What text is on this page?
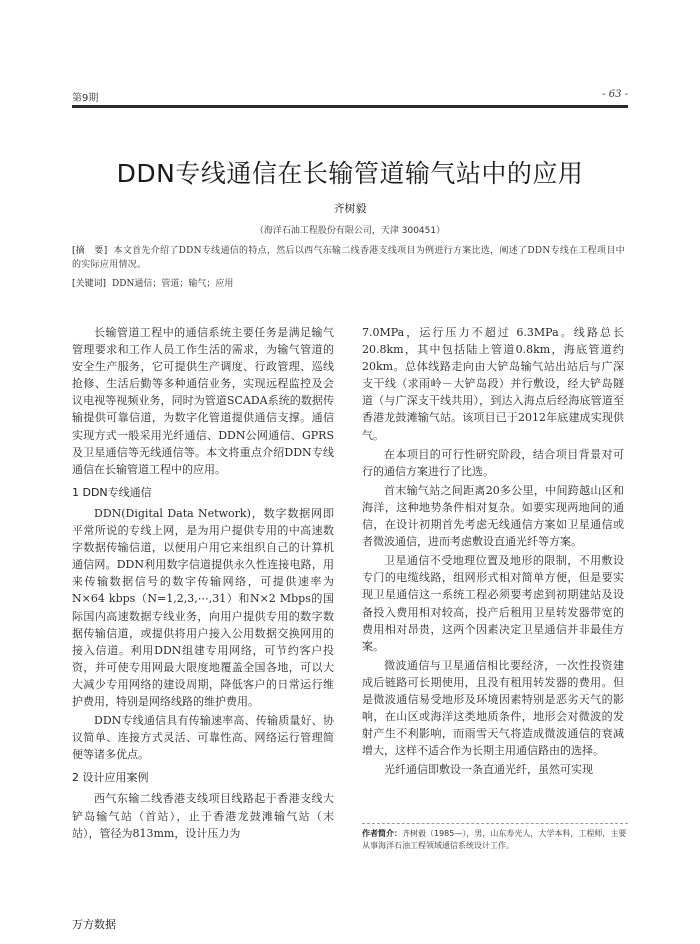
第9期	- 63 -
DDN专线通信在长输管道输气站中的应用
齐树毅
（海洋石油工程股份有限公司，天津 300451）
[摘　要] 本文首先介绍了DDN专线通信的特点，然后以西气东输二线香港支线项目为例进行方案比选，阐述了DDN专线在工程项目中的实际应用情况。
[关键词] DDN通信；管道；输气；应用

长输管道工程中的通信系统主要任务是满足输气管理要求和工作人员工作生活的需求，为输气管道的安全生产服务，它可提供生产调度、行政管理、巡线抢修、生活后勤等多种通信业务，实现远程监控及会议电视等视频业务，同时为管道SCADA系统的数据传输提供可靠信道，为数字化管道提供通信支撑。通信实现方式一般采用光纤通信、DDN公网通信、GPRS及卫星通信等无线通信等。本文将重点介绍DDN专线通信在长输管道工程中的应用。

1 DDN专线通信

DDN(Digital Data Network)，数字数据网即平常所说的专线上网，是为用户提供专用的中高速数字数据传输信道，以便用户用它来组织自己的计算机通信网。DDN利用数字信道提供永久性连接电路，用来传输数据信号的数字传输网络，可提供速率为N×64 kbps（N=1,2,3,⋯,31）和N×2 Mbps的国际国内高速数据专线业务，向用户提供专用的数字数据传输信道，或提供将用户接入公用数据交换网用的接入信道。利用DDN组建专用网络，可节约客户投资，并可使专用网最大限度地覆盖全国各地，可以大大减少专用网络的建设周期，降低客户的日常运行维护费用，特别是网络线路的维护费用。

DDN专线通信具有传输速率高、传输质量好、协议简单、连接方式灵活、可靠性高、网络运行管理简便等诸多优点。

2 设计应用案例

西气东输二线香港支线项目线路起于香港支线大铲岛输气站（首站），止于香港龙鼓滩输气站（末站），管径为813mm，设计压力为

7.0MPa，运行压力不超过 6.3MPa。线路总长20.8km，其中包括陆上管道0.8km，海底管道约20km。总体线路走向由大铲岛输气站出站后与广深支干线（求雨岭－大铲岛段）并行敷设，经大铲岛隧道（与广深支干线共用），到达入海点后经海底管道至香港龙鼓滩输气站。该项目已于2012年底建成实现供气。

在本项目的可行性研究阶段，结合项目背景对可行的通信方案进行了比选。

首末输气站之间距离20多公里，中间跨越山区和海洋，这种地势条件相对复杂。如要实现两地间的通信，在设计初期首先考虑无线通信方案如卫星通信或者微波通信，进而考虑敷设直通光纤等方案。

卫星通信不受地理位置及地形的限制，不用敷设专门的电缆线路，组网形式相对简单方便，但是要实现卫星通信这一系统工程必须要考虑到初期建站及设备投入费用相对较高，投产后租用卫星转发器带宽的费用相对昂贵，这两个因素决定卫星通信并非最佳方案。

微波通信与卫星通信相比要经济，一次性投资建成后链路可长期使用，且没有租用转发器的费用。但是微波通信易受地形及环境因素特别是恶劣天气的影响，在山区或海洋这类地质条件，地形会对微波的发射产生不利影响，而雨雪天气将造成微波通信的衰减增大，这样不适合作为长期主用通信路由的选择。

光纤通信即敷设一条直通光纤，虽然可实现

作者简介：齐树毅（1985—），男，山东寿光人，大学本科，工程师，主要从事海洋石油工程领域通信系统设计工作。
万方数据
